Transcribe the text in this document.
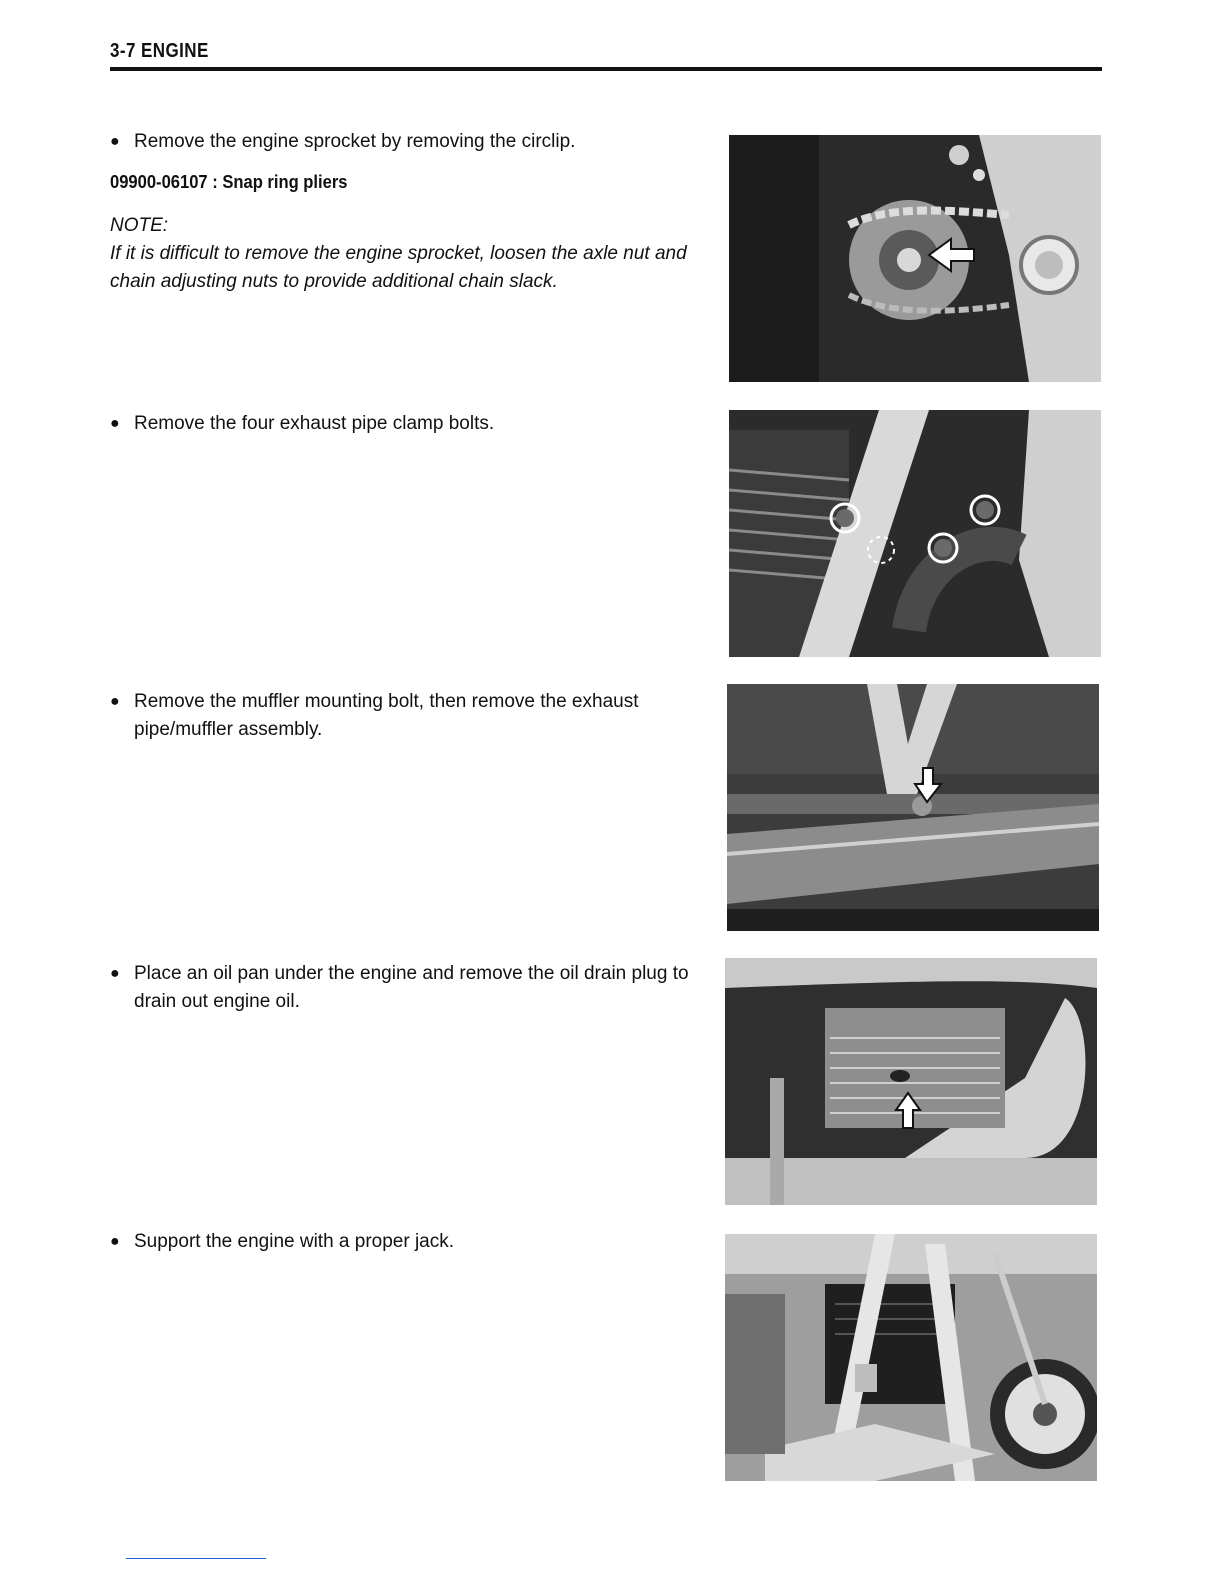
3-7 ENGINE
● Remove the engine sprocket by removing the circlip.
09900-06107 : Snap ring pliers
NOTE:
If it is difficult to remove the engine sprocket, loosen the axle nut and chain adjusting nuts to provide additional chain slack.
● Remove the four exhaust pipe clamp bolts.
● Remove the muffler mounting bolt, then remove the exhaust pipe/muffler assembly.
● Place an oil pan under the engine and remove the oil drain plug to drain out engine oil.
● Support the engine with a proper jack.
